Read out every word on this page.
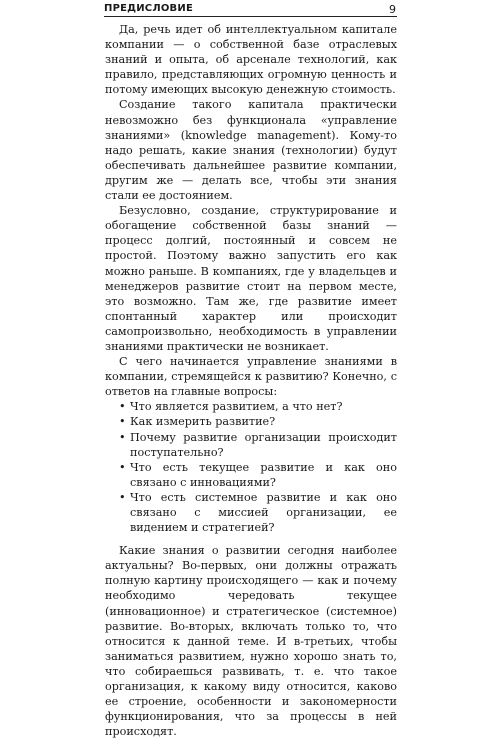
ПРЕДИСЛОВИЕ	9

Да, речь идет об интеллектуальном капитале компании — о собственной базе отраслевых знаний и опыта, об арсенале технологий, как правило, представляющих огромную ценность и потому имеющих высокую денежную стоимость.

Создание такого капитала практически невозможно без функционала «управление знаниями» (knowledge management). Кому-то надо решать, какие знания (технологии) будут обеспечивать дальнейшее развитие компании, другим же — делать все, чтобы эти знания стали ее достоянием.

Безусловно, создание, структурирование и обогащение собственной базы знаний — процесс долгий, постоянный и совсем не простой. Поэтому важно запустить его как можно раньше. В компаниях, где у владельцев и менеджеров развитие стоит на первом месте, это возможно. Там же, где развитие имеет спонтанный характер или происходит самопроизвольно, необходимость в управлении знаниями практически не возникает.

С чего начинается управление знаниями в компании, стремящейся к развитию? Конечно, с ответов на главные вопросы:

• Что является развитием, а что нет?
• Как измерить развитие?
• Почему развитие организации происходит поступательно?
• Что есть текущее развитие и как оно связано с инновациями?
• Что есть системное развитие и как оно связано с миссией организации, ее видением и стратегией?

Какие знания о развитии сегодня наиболее актуальны? Во-первых, они должны отражать полную картину происходящего — как и почему необходимо чередовать текущее (инновационное) и стратегическое (системное) развитие. Во-вторых, включать только то, что относится к данной теме. И в-третьих, чтобы заниматься развитием, нужно хорошо знать то, что собираешься развивать, т. е. что такое организация, к какому виду относится, каково ее строение, особенности и закономерности функционирования, что за процессы в ней происходят.
